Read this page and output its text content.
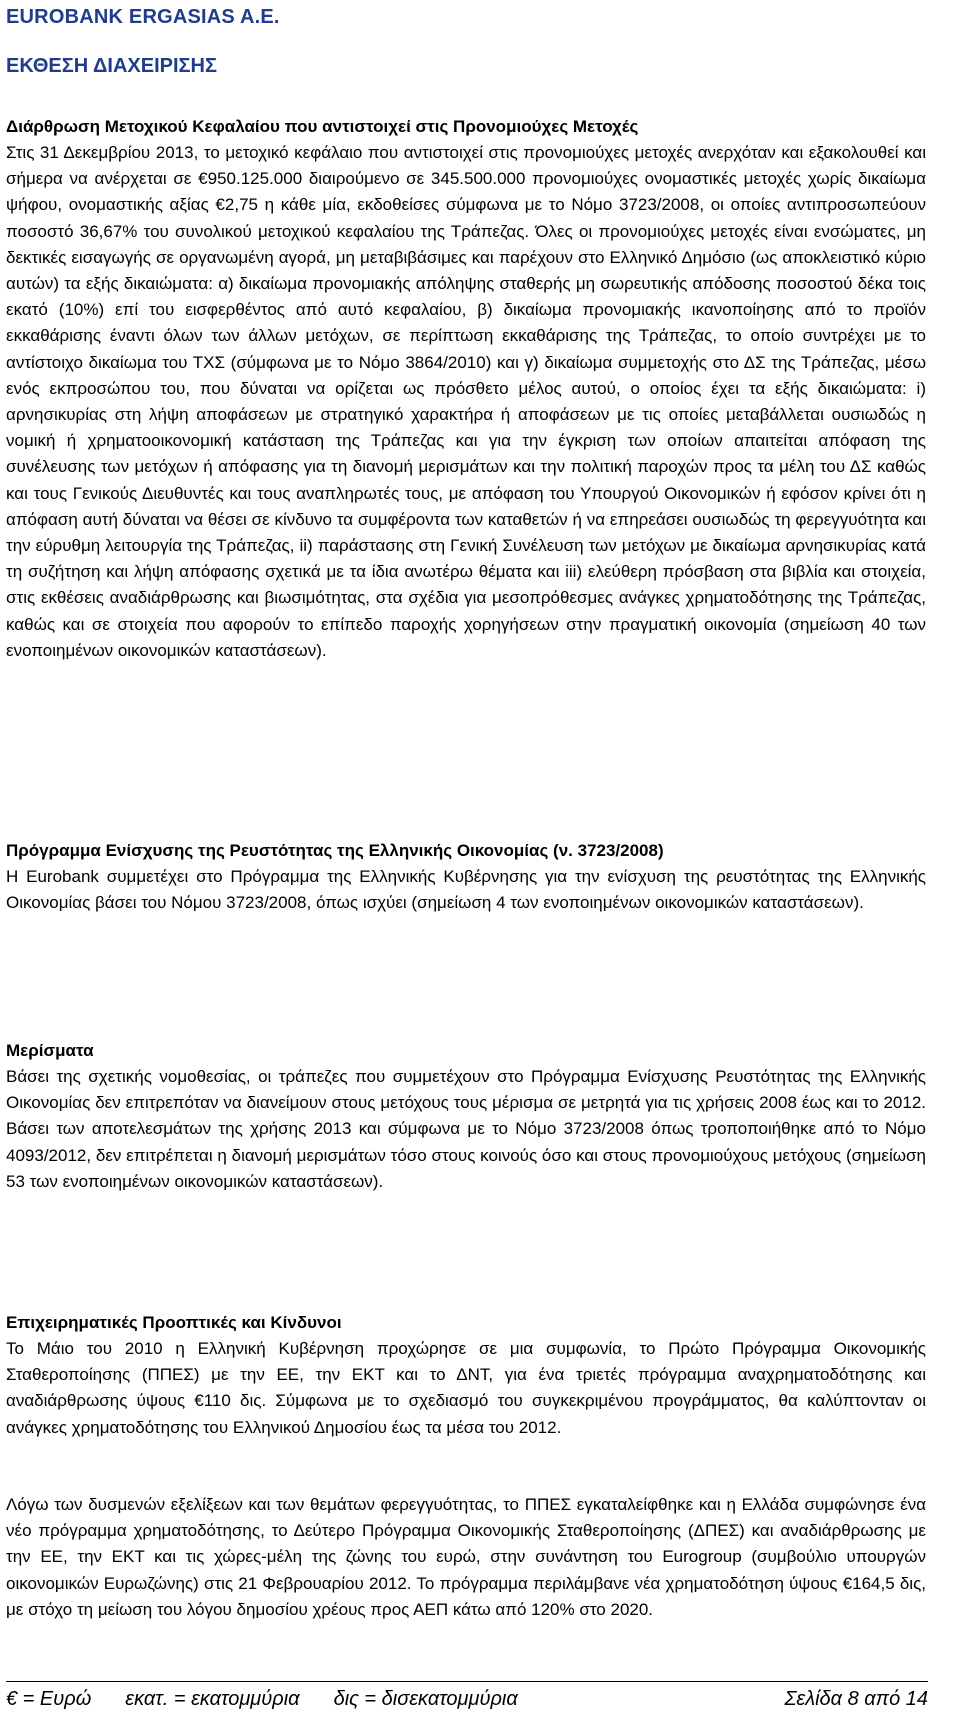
EUROBANK ERGASIAS A.E.
ΕΚΘΕΣΗ ΔΙΑΧΕΙΡΙΣΗΣ
Διάρθρωση Μετοχικού Κεφαλαίου που αντιστοιχεί στις Προνομιούχες Μετοχές
Στις 31 Δεκεμβρίου 2013, το μετοχικό κεφάλαιο που αντιστοιχεί στις προνομιούχες μετοχές ανερχόταν και εξακολουθεί και σήμερα να ανέρχεται σε €950.125.000 διαιρούμενο σε 345.500.000 προνομιούχες ονομαστικές μετοχές χωρίς δικαίωμα ψήφου, ονομαστικής αξίας €2,75 η κάθε μία, εκδοθείσες σύμφωνα με το Νόμο 3723/2008, οι οποίες αντιπροσωπεύουν ποσοστό 36,67% του συνολικού μετοχικού κεφαλαίου της Τράπεζας. Όλες οι προνομιούχες μετοχές είναι ενσώματες, μη δεκτικές εισαγωγής σε οργανωμένη αγορά, μη μεταβιβάσιμες και παρέχουν στο Ελληνικό Δημόσιο (ως αποκλειστικό κύριο αυτών) τα εξής δικαιώματα: α) δικαίωμα προνομιακής απόληψης σταθερής μη σωρευτικής απόδοσης ποσοστού δέκα τοις εκατό (10%) επί του εισφερθέντος από αυτό κεφαλαίου, β) δικαίωμα προνομιακής ικανοποίησης από το προϊόν εκκαθάρισης έναντι όλων των άλλων μετόχων, σε περίπτωση εκκαθάρισης της Τράπεζας, το οποίο συντρέχει με το αντίστοιχο δικαίωμα του ΤΧΣ (σύμφωνα με το Νόμο 3864/2010) και γ) δικαίωμα συμμετοχής στο ΔΣ της Τράπεζας, μέσω ενός εκπροσώπου του, που δύναται να ορίζεται ως πρόσθετο μέλος αυτού, ο οποίος έχει τα εξής δικαιώματα: i) αρνησικυρίας στη λήψη αποφάσεων με στρατηγικό χαρακτήρα ή αποφάσεων με τις οποίες μεταβάλλεται ουσιωδώς η νομική ή χρηματοοικονομική κατάσταση της Τράπεζας και για την έγκριση των οποίων απαιτείται απόφαση της συνέλευσης των μετόχων ή απόφασης για τη διανομή μερισμάτων και την πολιτική παροχών προς τα μέλη του ΔΣ καθώς και τους Γενικούς Διευθυντές και τους αναπληρωτές τους, με απόφαση του Υπουργού Οικονομικών ή εφόσον κρίνει ότι η απόφαση αυτή δύναται να θέσει σε κίνδυνο τα συμφέροντα των καταθετών ή να επηρεάσει ουσιωδώς τη φερεγγυότητα και την εύρυθμη λειτουργία της Τράπεζας, ii) παράστασης στη Γενική Συνέλευση των μετόχων με δικαίωμα αρνησικυρίας κατά τη συζήτηση και λήψη απόφασης σχετικά με τα ίδια ανωτέρω θέματα και iii) ελεύθερη πρόσβαση στα βιβλία και στοιχεία, στις εκθέσεις αναδιάρθρωσης και βιωσιμότητας, στα σχέδια για μεσοπρόθεσμες ανάγκες χρηματοδότησης της Τράπεζας, καθώς και σε στοιχεία που αφορούν το επίπεδο παροχής χορηγήσεων στην πραγματική οικονομία (σημείωση 40 των ενοποιημένων οικονομικών καταστάσεων).
Πρόγραμμα Ενίσχυσης της Ρευστότητας της Ελληνικής Οικονομίας (ν. 3723/2008)
Η Eurobank συμμετέχει στο Πρόγραμμα της Ελληνικής Κυβέρνησης για την ενίσχυση της ρευστότητας της Ελληνικής Οικονομίας βάσει του Νόμου 3723/2008, όπως ισχύει (σημείωση 4 των ενοποιημένων οικονομικών καταστάσεων).
Μερίσματα
Βάσει της σχετικής νομοθεσίας, οι τράπεζες που συμμετέχουν στο Πρόγραμμα Ενίσχυσης Ρευστότητας της Ελληνικής Οικονομίας δεν επιτρεπόταν να διανείμουν στους μετόχους τους μέρισμα σε μετρητά για τις χρήσεις 2008 έως και το 2012. Βάσει των αποτελεσμάτων της χρήσης 2013 και σύμφωνα με το Νόμο 3723/2008 όπως τροποποιήθηκε από το Νόμο 4093/2012, δεν επιτρέπεται η διανομή μερισμάτων τόσο στους κοινούς όσο και στους προνομιούχους μετόχους (σημείωση 53 των ενοποιημένων οικονομικών καταστάσεων).
Επιχειρηματικές Προοπτικές και Κίνδυνοι
Το Μάιο του 2010 η Ελληνική Κυβέρνηση προχώρησε σε μια συμφωνία, το Πρώτο Πρόγραμμα Οικονομικής Σταθεροποίησης (ΠΠΕΣ) με την ΕΕ, την ΕΚΤ και το ΔΝΤ, για ένα τριετές πρόγραμμα αναχρηματοδότησης και αναδιάρθρωσης ύψους €110 δις. Σύμφωνα με το σχεδιασμό του συγκεκριμένου προγράμματος, θα καλύπτονταν οι ανάγκες χρηματοδότησης του Ελληνικού Δημοσίου έως τα μέσα του 2012.
Λόγω των δυσμενών εξελίξεων και των θεμάτων φερεγγυότητας, το ΠΠΕΣ εγκαταλείφθηκε και η Ελλάδα συμφώνησε ένα νέο πρόγραμμα χρηματοδότησης, το Δεύτερο Πρόγραμμα Οικονομικής Σταθεροποίησης (ΔΠΕΣ) και αναδιάρθρωσης με την ΕΕ, την ΕΚΤ και τις χώρες-μέλη της ζώνης του ευρώ, στην συνάντηση του Eurogroup (συμβούλιο υπουργών οικονομικών Ευρωζώνης) στις 21 Φεβρουαρίου 2012. Το πρόγραμμα περιλάμβανε νέα χρηματοδότηση ύψους €164,5 δις, με στόχο τη μείωση του λόγου δημοσίου χρέους προς ΑΕΠ κάτω από 120% στο 2020.
€ = Ευρώ εκατ. = εκατομμύρια δις = δισεκατομμύρια	Σελίδα 8 από 14
